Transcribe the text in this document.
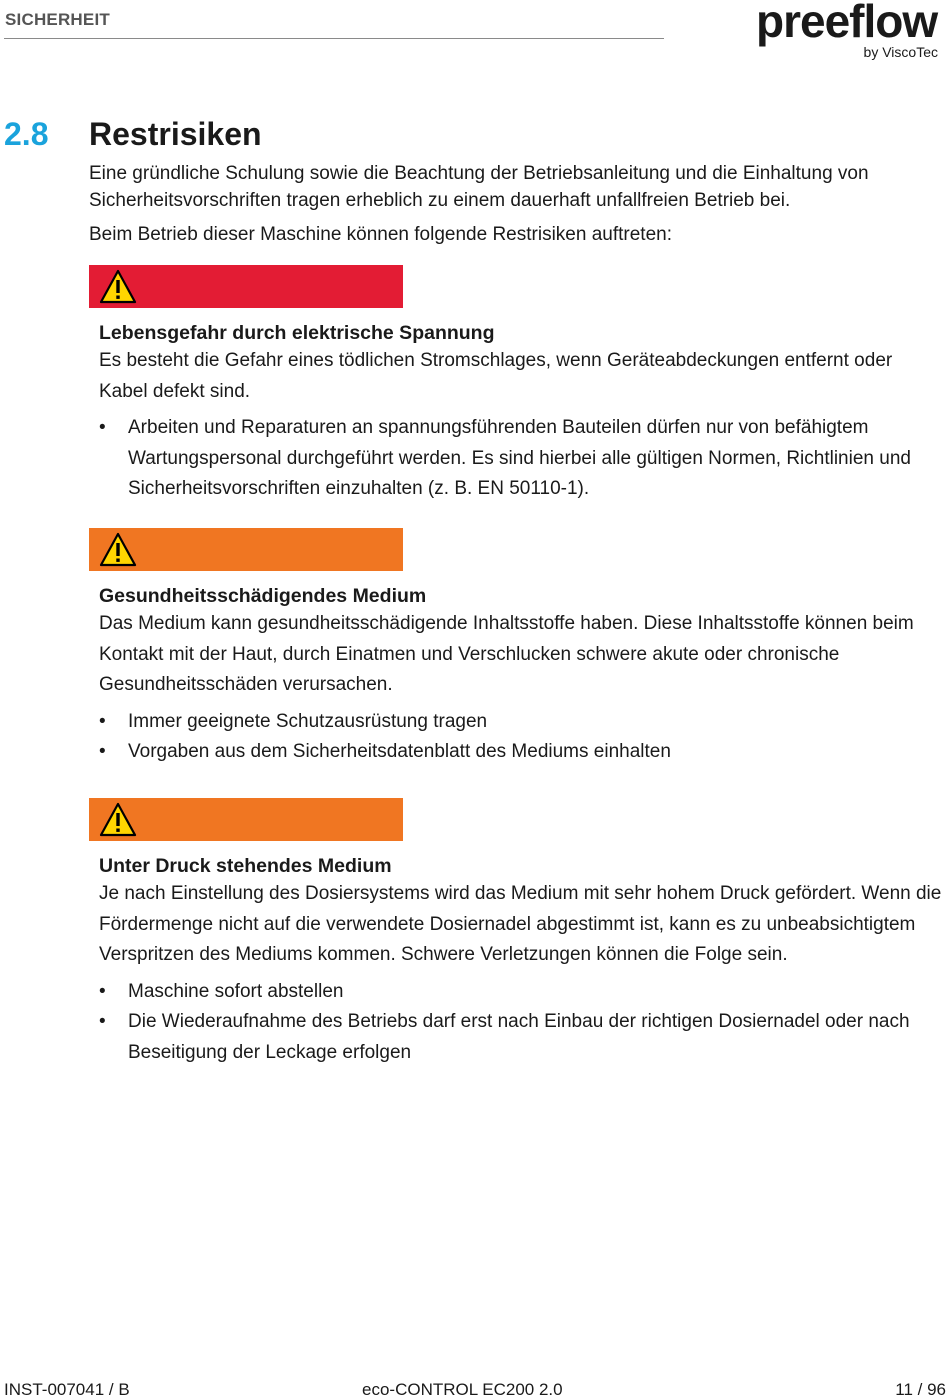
SICHERHEIT	preeflow
by ViscoTec
2.8 Restrisiken
Eine gründliche Schulung sowie die Beachtung der Betriebsanleitung und die Einhaltung von Sicherheitsvorschriften tragen erheblich zu einem dauerhaft unfallfreien Betrieb bei.
Beim Betrieb dieser Maschine können folgende Restrisiken auftreten:
Lebensgefahr durch elektrische Spannung
Es besteht die Gefahr eines tödlichen Stromschlages, wenn Geräteabdeckungen entfernt oder Kabel defekt sind.
• Arbeiten und Reparaturen an spannungsführenden Bauteilen dürfen nur von befähigtem Wartungspersonal durchgeführt werden. Es sind hierbei alle gültigen Normen, Richtlinien und Sicherheitsvorschriften einzuhalten (z. B. EN 50110-1).
Gesundheitsschädigendes Medium
Das Medium kann gesundheitsschädigende Inhaltsstoffe haben. Diese Inhaltsstoffe können beim Kontakt mit der Haut, durch Einatmen und Verschlucken schwere akute oder chronische Gesundheitsschäden verursachen.
• Immer geeignete Schutzausrüstung tragen
• Vorgaben aus dem Sicherheitsdatenblatt des Mediums einhalten
Unter Druck stehendes Medium
Je nach Einstellung des Dosiersystems wird das Medium mit sehr hohem Druck gefördert. Wenn die Fördermenge nicht auf die verwendete Dosiernadel abgestimmt ist, kann es zu unbeabsichtigtem Verspritzen des Mediums kommen. Schwere Verletzungen können die Folge sein.
• Maschine sofort abstellen
• Die Wiederaufnahme des Betriebs darf erst nach Einbau der richtigen Dosiernadel oder nach Beseitigung der Leckage erfolgen
INST-007041 / B	eco-CONTROL EC200 2.0	11 / 96
